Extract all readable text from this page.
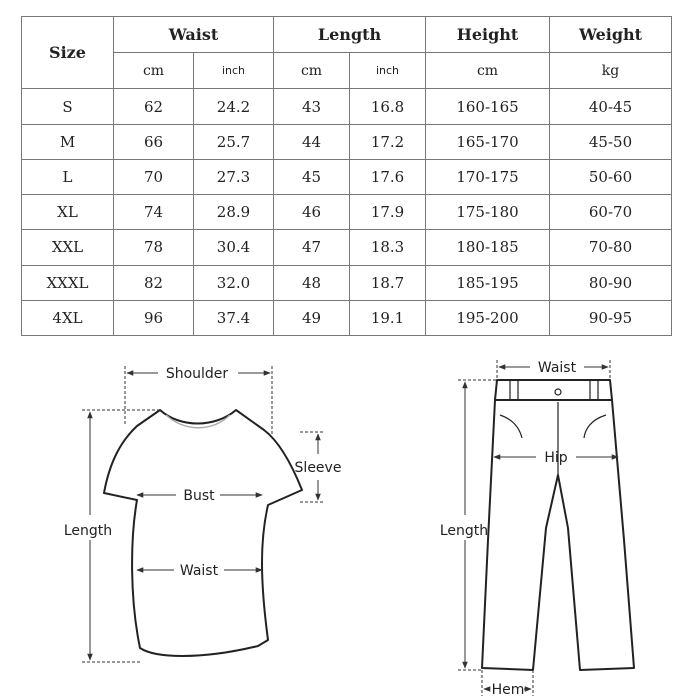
Size	Waist		Length		Height	Weight
	cm	inch	cm	inch	cm	kg
S	62	24.2	43	16.8	160-165	40-45
M	66	25.7	44	17.2	165-170	45-50
L	70	27.3	45	17.6	170-175	50-60
XL	74	28.9	46	17.9	175-180	60-70
XXL	78	30.4	47	18.3	180-185	70-80
XXXL	82	32.0	48	18.7	185-195	80-90
4XL	96	37.4	49	19.1	195-200	90-95
Shoulder
Sleeve
Bust
Waist
Length
Waist
Hip
Length
Hem
